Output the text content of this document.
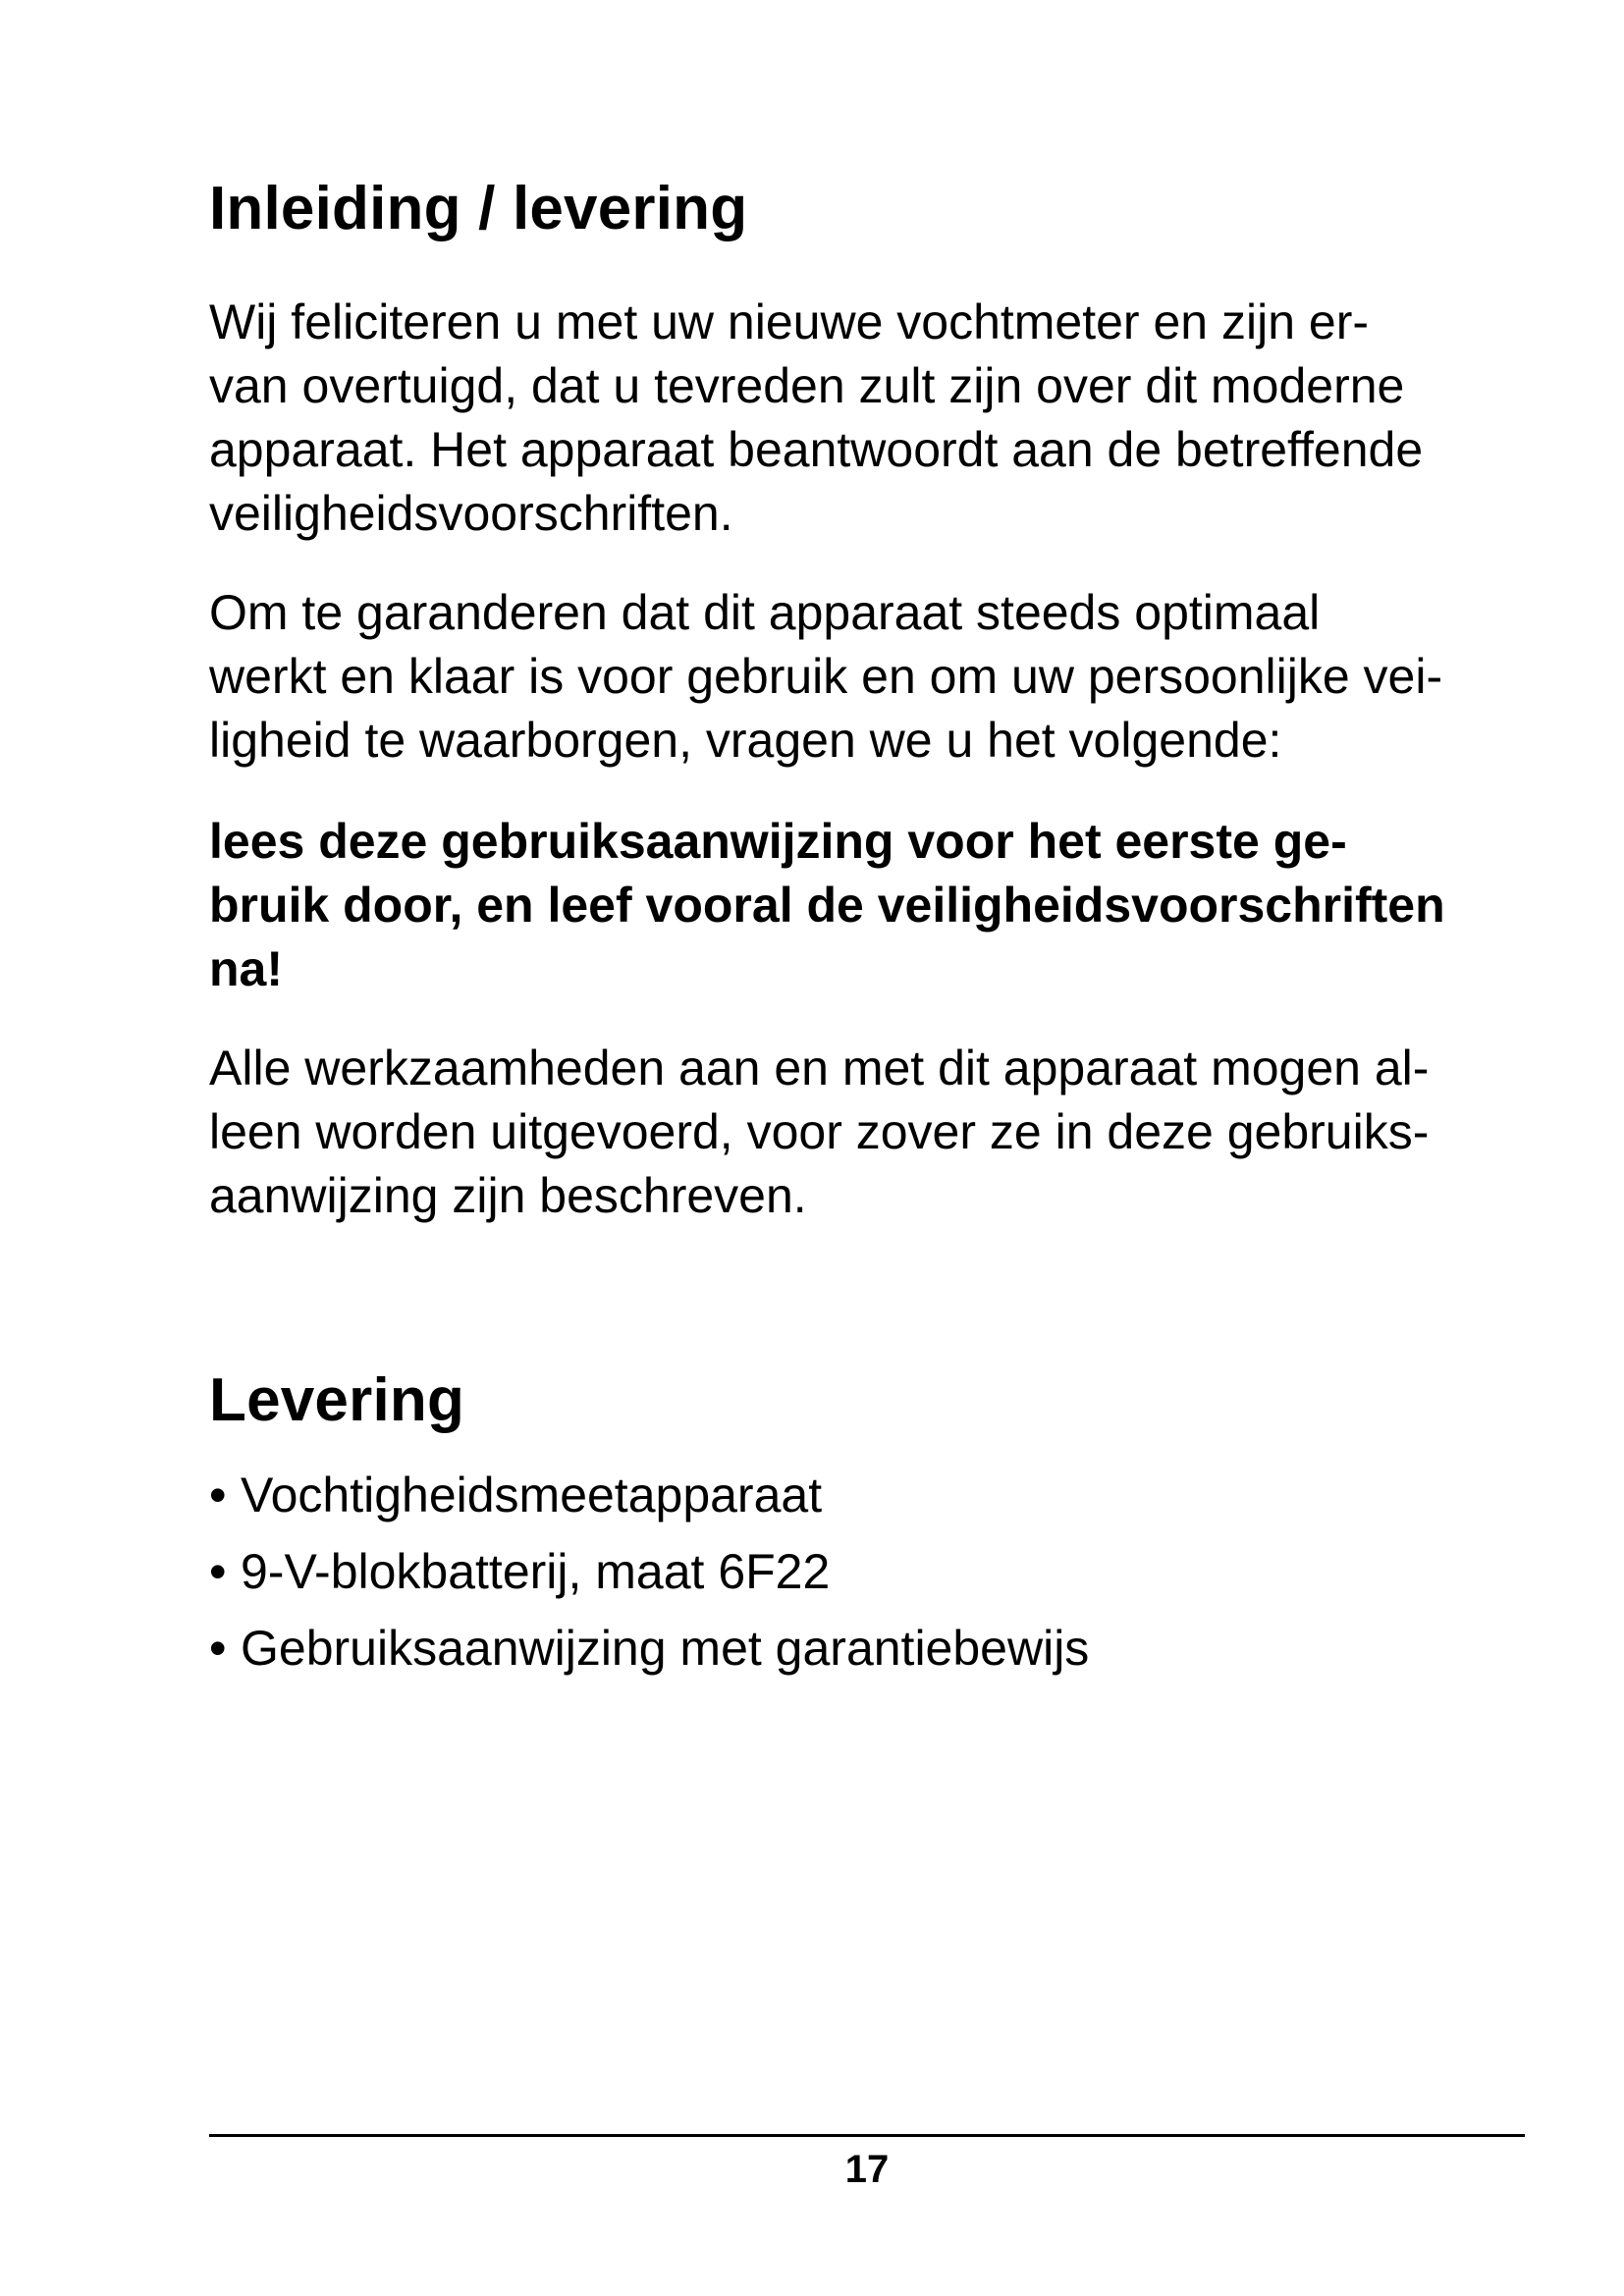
Inleiding / levering

Wij feliciteren u met uw nieuwe vochtmeter en zijn er-
van overtuigd, dat u tevreden zult zijn over dit moderne
apparaat. Het apparaat beantwoordt aan de betreffende
veiligheidsvoorschriften.

Om te garanderen dat dit apparaat steeds optimaal
werkt en klaar is voor gebruik en om uw persoonlijke vei-
ligheid te waarborgen, vragen we u het volgende:

lees deze gebruiksaanwijzing voor het eerste ge-
bruik door, en leef vooral de veiligheidsvoorschriften
na!

Alle werkzaamheden aan en met dit apparaat mogen al-
leen worden uitgevoerd, voor zover ze in deze gebruiks-
aanwijzing zijn beschreven.

Levering
• Vochtigheidsmeetapparaat
• 9-V-blokbatterij, maat 6F22
• Gebruiksaanwijzing met garantiebewijs
17
